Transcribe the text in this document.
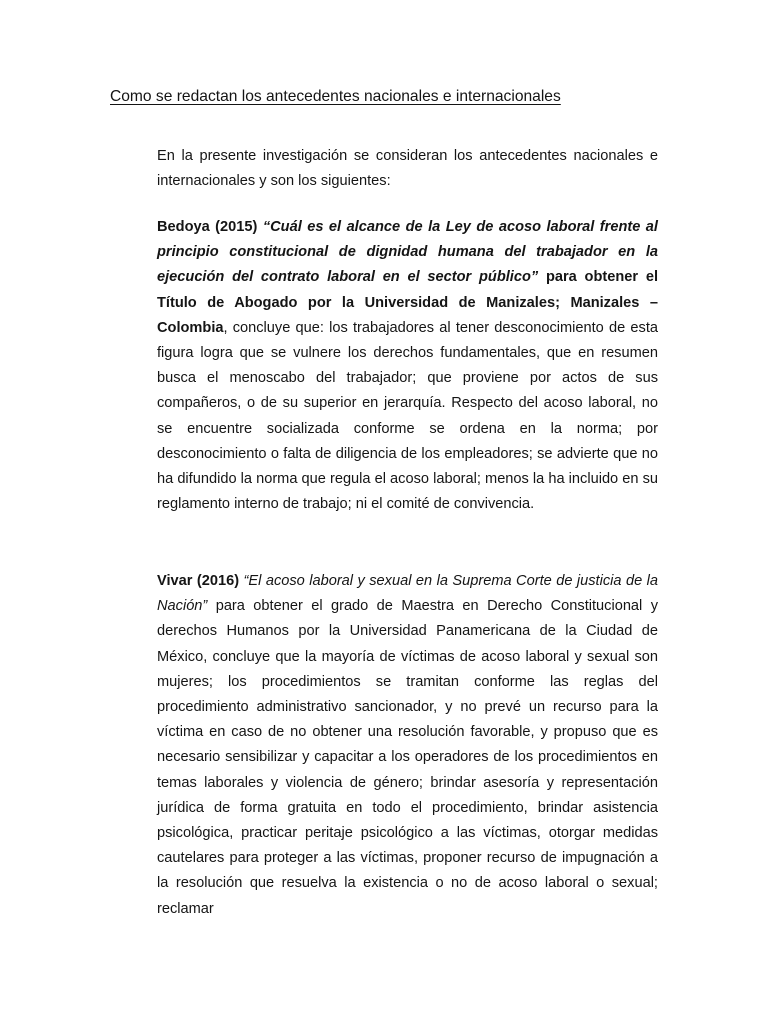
Como se redactan los antecedentes nacionales e internacionales

En la presente investigación se consideran los antecedentes nacionales e internacionales y son los siguientes:

Bedoya (2015) “Cuál es el alcance de la Ley de acoso laboral frente al principio constitucional de dignidad humana del trabajador en la ejecución del contrato laboral en el sector público” para obtener el Título de Abogado por la Universidad de Manizales; Manizales – Colombia, concluye que: los trabajadores al tener desconocimiento de esta figura logra que se vulnere los derechos fundamentales, que en resumen busca el menoscabo del trabajador; que proviene por actos de sus compañeros, o de su superior en jerarquía. Respecto del acoso laboral, no se encuentre socializada conforme se ordena en la norma; por desconocimiento o falta de diligencia de los empleadores; se advierte que no ha difundido la norma que regula el acoso laboral; menos la ha incluido en su reglamento interno de trabajo; ni el comité de convivencia.

Vivar (2016) “El acoso laboral y sexual en la Suprema Corte de justicia de la Nación” para obtener el grado de Maestra en Derecho Constitucional y derechos Humanos por la Universidad Panamericana de la Ciudad de México, concluye que la mayoría de víctimas de acoso laboral y sexual son mujeres; los procedimientos se tramitan conforme las reglas del procedimiento administrativo sancionador, y no prevé un recurso para la víctima en caso de no obtener una resolución favorable, y propuso que es necesario sensibilizar y capacitar a los operadores de los procedimientos en temas laborales y violencia de género; brindar asesoría y representación jurídica de forma gratuita en todo el procedimiento, brindar asistencia psicológica, practicar peritaje psicológico a las víctimas, otorgar medidas cautelares para proteger a las víctimas, proponer recurso de impugnación a la resolución que resuelva la existencia o no de acoso laboral o sexual; reclamar
